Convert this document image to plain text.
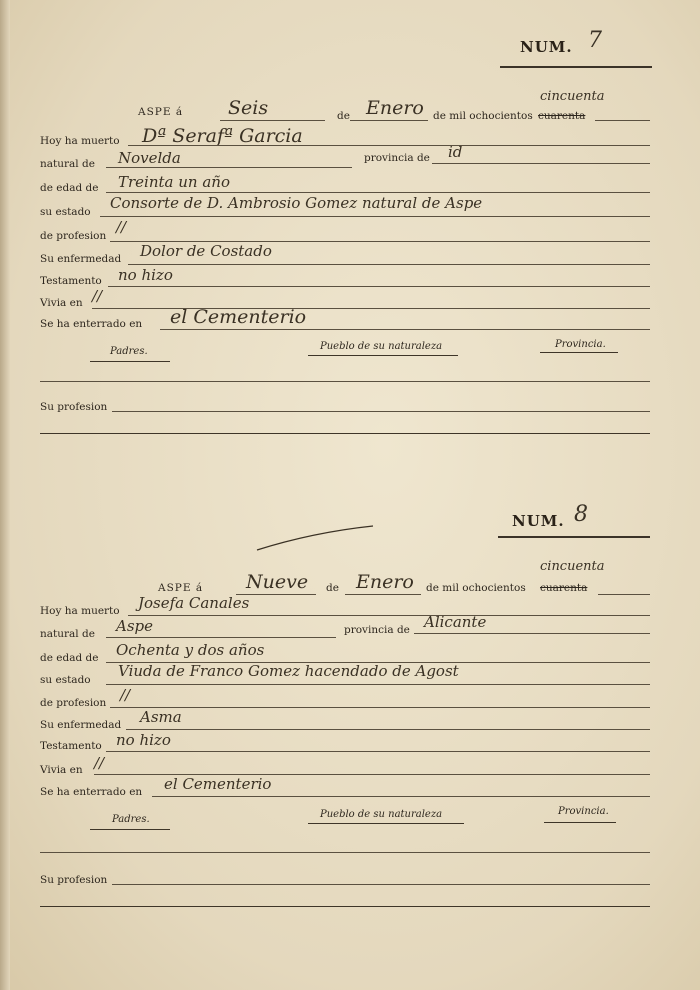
NUM. 7
ASPE á Seis	de Enero de mil ochocientos cuarenta
cincuenta
Hoy ha muerto Dª Serafª Garcia
natural de Novelda	provincia de id
de edad de Treinta un año
su estado Consorte de D. Ambrosio Gomez natural de Aspe
de profesion //
Su enfermedad Dolor de Costado
Testamento no hizo
Vivia en //
Se ha enterrado en el Cementerio
Padres.	Pueblo de su naturaleza	Provincia.
Su profesion
NUM. 8
ASPE á Nueve de Enero de mil ochocientos cuarenta
cincuenta
Hoy ha muerto Josefa Canales
natural de Aspe	provincia de Alicante
de edad de Ochenta y dos años
su estado Viuda de Franco Gomez hacendado de Agost
de profesion //
Su enfermedad Asma
Testamento no hizo
Vivia en //
Se ha enterrado en el Cementerio
Padres.	Pueblo de su naturaleza	Provincia.
Su profesion
